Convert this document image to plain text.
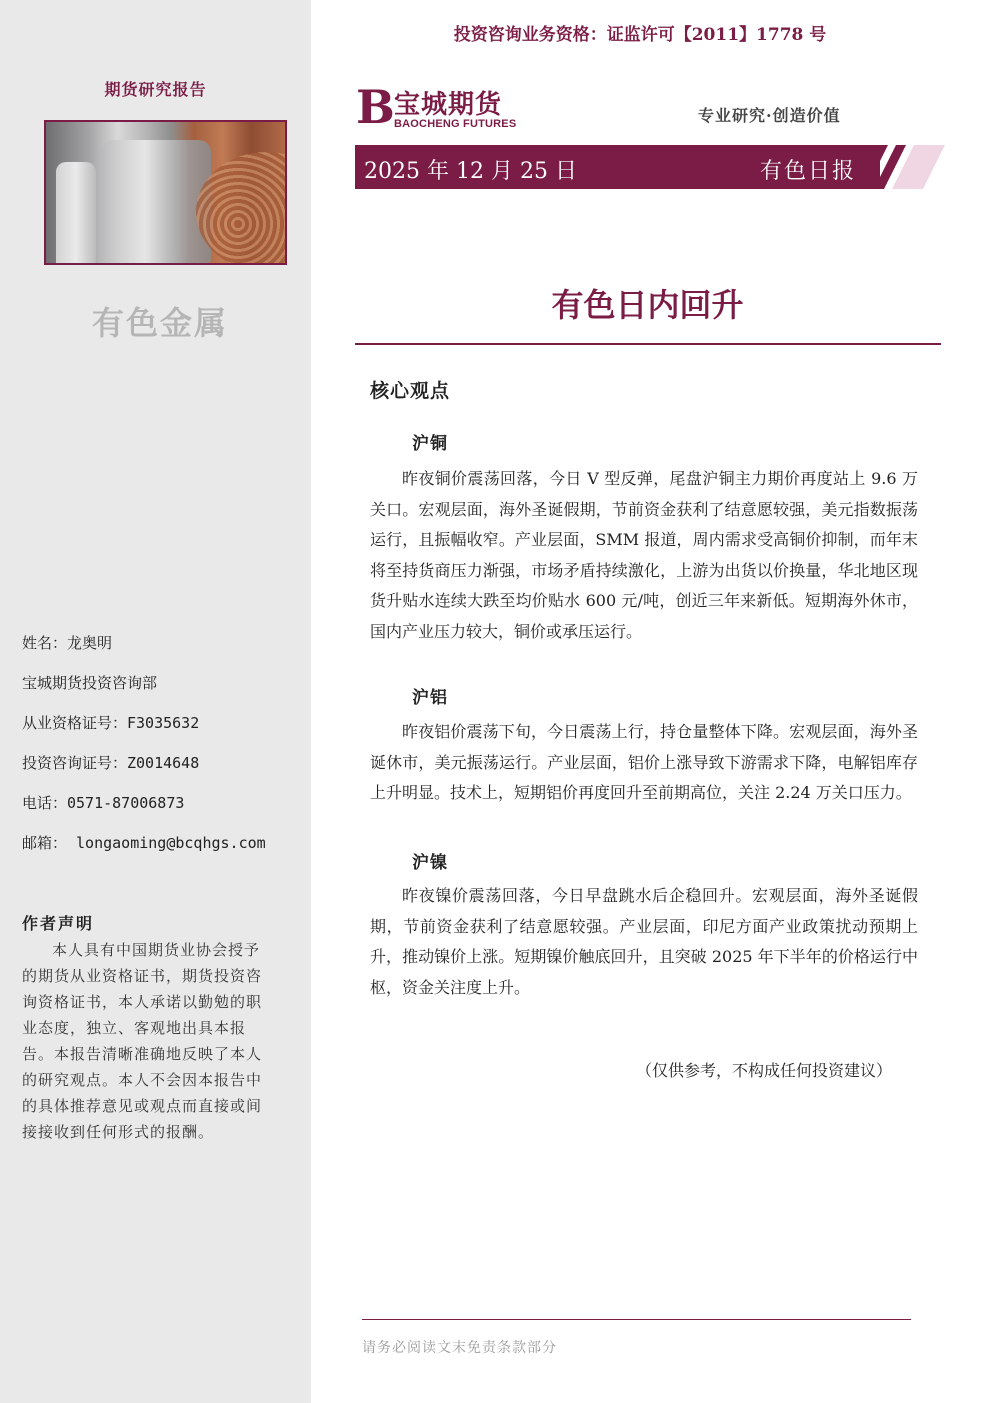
期货研究报告
有色金属
姓名：龙奥明
宝城期货投资咨询部
从业资格证号：F3035632
投资咨询证号：Z0014648
电话：0571-87006873
邮箱： longaoming@bcqhgs.com
作者声明
本人具有中国期货业协会授予的期货从业资格证书，期货投资咨询资格证书，本人承诺以勤勉的职业态度，独立、客观地出具本报告。本报告清晰准确地反映了本人的研究观点。本人不会因本报告中的具体推荐意见或观点而直接或间接接收到任何形式的报酬。
投资咨询业务资格：证监许可【2011】1778 号
B 宝城期货
BAOCHENG FUTURES	专业研究·创造价值
2025 年 12 月 25 日	有色日报
有色日内回升
核心观点
沪铜
昨夜铜价震荡回落，今日 V 型反弹，尾盘沪铜主力期价再度站上 9.6 万关口。宏观层面，海外圣诞假期，节前资金获利了结意愿较强，美元指数振荡运行，且振幅收窄。产业层面，SMM 报道，周内需求受高铜价抑制，而年末将至持货商压力渐强，市场矛盾持续激化，上游为出货以价换量，华北地区现货升贴水连续大跌至均价贴水 600 元/吨，创近三年来新低。短期海外休市，国内产业压力较大，铜价或承压运行。
沪铝
昨夜铝价震荡下旬，今日震荡上行，持仓量整体下降。宏观层面，海外圣诞休市，美元振荡运行。产业层面，铝价上涨导致下游需求下降，电解铝库存上升明显。技术上，短期铝价再度回升至前期高位，关注 2.24 万关口压力。
沪镍
昨夜镍价震荡回落，今日早盘跳水后企稳回升。宏观层面，海外圣诞假期，节前资金获利了结意愿较强。产业层面，印尼方面产业政策扰动预期上升，推动镍价上涨。短期镍价触底回升，且突破 2025 年下半年的价格运行中枢，资金关注度上升。
（仅供参考，不构成任何投资建议）
请务必阅读文末免责条款部分
